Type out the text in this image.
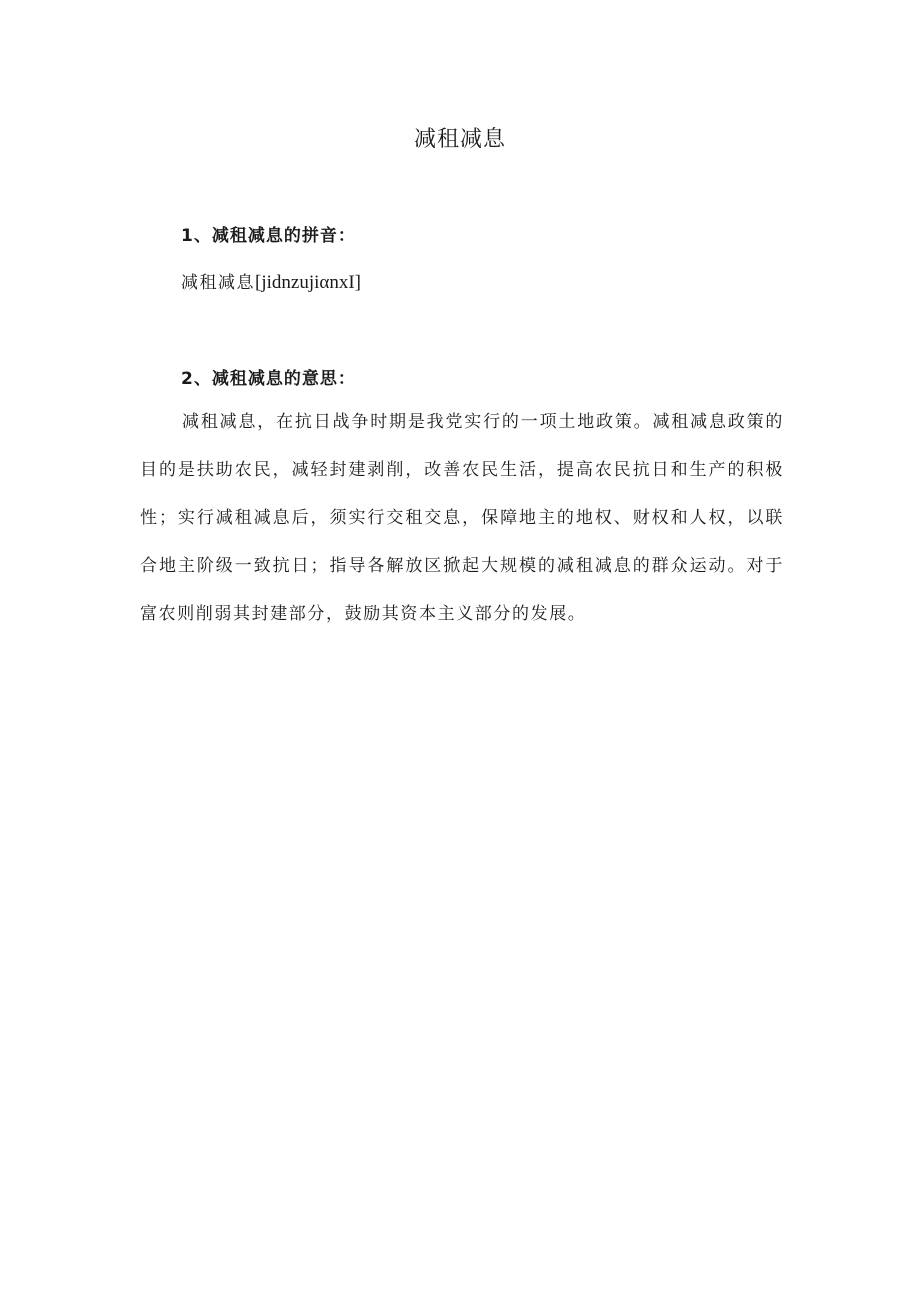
减租减息
1、减租减息的拼音：
减租减息[jidnzujiαnxI]
2、减租减息的意思：
减租减息，在抗日战争时期是我党实行的一项土地政策。减租减息政策的目的是扶助农民，减轻封建剥削，改善农民生活，提高农民抗日和生产的积极性；实行减租减息后，须实行交租交息，保障地主的地权、财权和人权，以联合地主阶级一致抗日；指导各解放区掀起大规模的减租减息的群众运动。对于富农则削弱其封建部分，鼓励其资本主义部分的发展。
